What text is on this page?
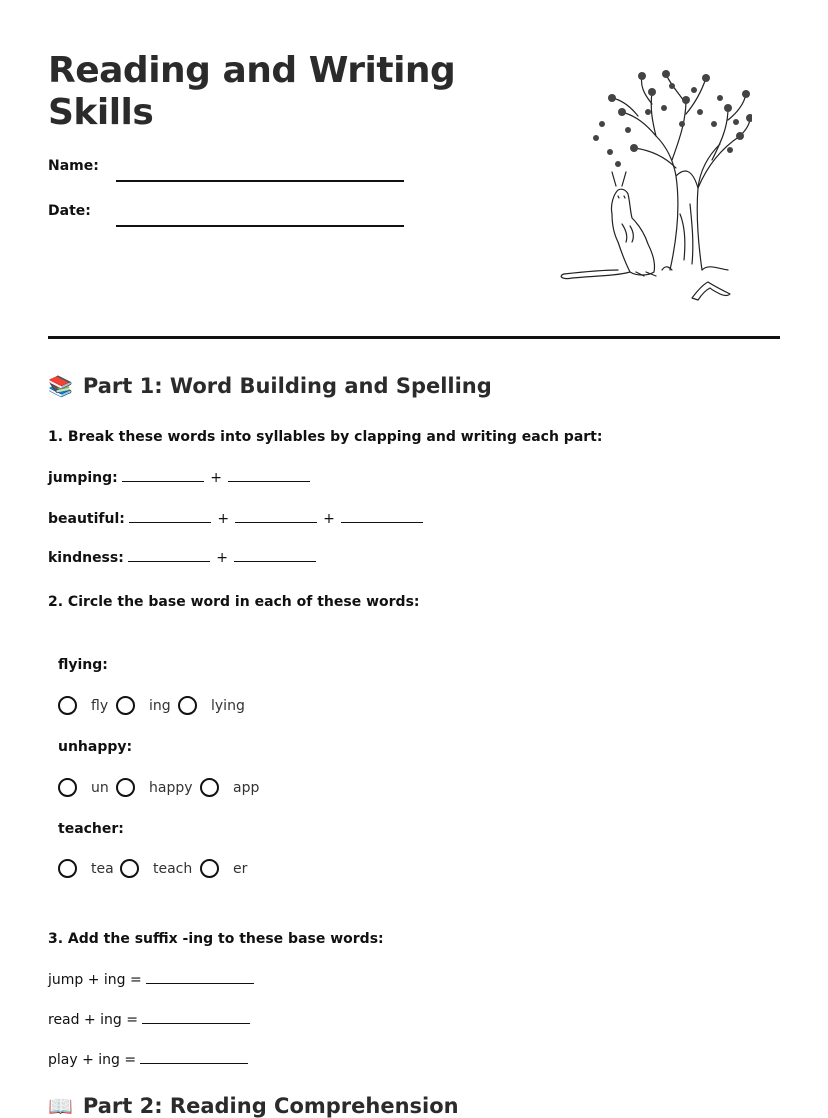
Reading and Writing Skills
Name:
Date:
📚 Part 1: Word Building and Spelling
1. Break these words into syllables by clapping and writing each part:
jumping:	+
beautiful:	+	+
kindness:	+
2. Circle the base word in each of these words:
flying:
fly	ing	lying
unhappy:
un	happy	app
teacher:
tea	teach	er
3. Add the suffix -ing to these base words:
jump + ing =
read + ing =
play + ing =
📖 Part 2: Reading Comprehension
